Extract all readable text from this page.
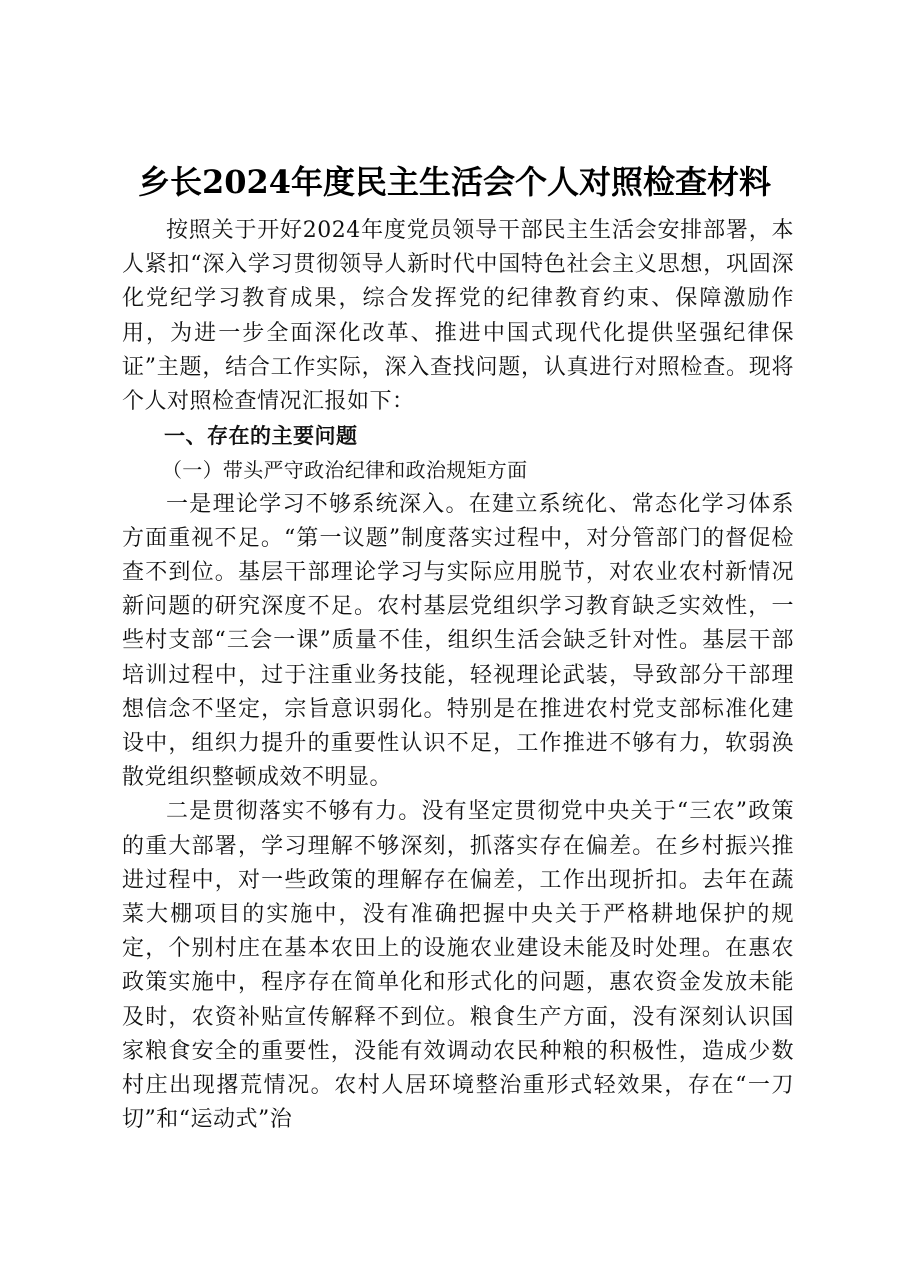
乡长2024年度民主生活会个人对照检查材料

按照关于开好2024年度党员领导干部民主生活会安排部署，本人紧扣“深入学习贯彻领导人新时代中国特色社会主义思想，巩固深化党纪学习教育成果，综合发挥党的纪律教育约束、保障激励作用，为进一步全面深化改革、推进中国式现代化提供坚强纪律保证”主题，结合工作实际，深入查找问题，认真进行对照检查。现将个人对照检查情况汇报如下：

一、存在的主要问题

（一）带头严守政治纪律和政治规矩方面

一是理论学习不够系统深入。在建立系统化、常态化学习体系方面重视不足。“第一议题”制度落实过程中，对分管部门的督促检查不到位。基层干部理论学习与实际应用脱节，对农业农村新情况新问题的研究深度不足。农村基层党组织学习教育缺乏实效性，一些村支部“三会一课”质量不佳，组织生活会缺乏针对性。基层干部培训过程中，过于注重业务技能，轻视理论武装，导致部分干部理想信念不坚定，宗旨意识弱化。特别是在推进农村党支部标准化建设中，组织力提升的重要性认识不足，工作推进不够有力，软弱涣散党组织整顿成效不明显。

二是贯彻落实不够有力。没有坚定贯彻党中央关于“三农”政策的重大部署，学习理解不够深刻，抓落实存在偏差。在乡村振兴推进过程中，对一些政策的理解存在偏差，工作出现折扣。去年在蔬菜大棚项目的实施中，没有准确把握中央关于严格耕地保护的规定，个别村庄在基本农田上的设施农业建设未能及时处理。在惠农政策实施中，程序存在简单化和形式化的问题，惠农资金发放未能及时，农资补贴宣传解释不到位。粮食生产方面，没有深刻认识国家粮食安全的重要性，没能有效调动农民种粮的积极性，造成少数村庄出现撂荒情况。农村人居环境整治重形式轻效果，存在“一刀切”和“运动式”治
